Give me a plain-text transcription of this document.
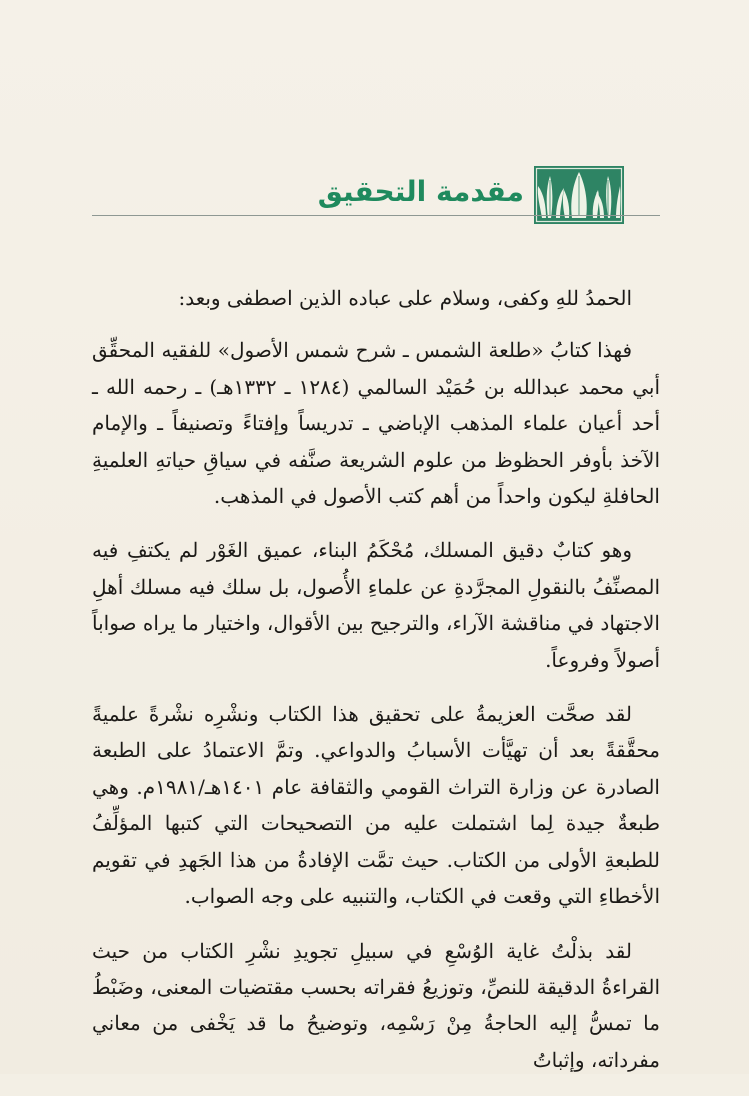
مقدمة التحقيق

الحمدُ للهِ وكفى، وسلام على عباده الذين اصطفى وبعد:

فهذا كتابُ «طلعة الشمس ـ شرح شمس الأصول» للفقيه المحقِّق أبي محمد عبدالله بن حُمَيْد السالمي (١٢٨٤ ـ ١٣٣٢هـ) ـ رحمه الله ـ أحد أعيان علماء المذهب الإباضي ـ تدريساً وإفتاءً وتصنيفاً ـ والإمام الآخذ بأوفر الحظوظ من علوم الشريعة صنَّفه في سياقِ حياتهِ العلميةِ الحافلةِ ليكون واحداً من أهم كتب الأصول في المذهب.

وهو كتابٌ دقيق المسلك، مُحْكَمُ البناء، عميق الغَوْر لم يكتفِ فيه المصنِّفُ بالنقولِ المجرَّدةِ عن علماءِ الأُصول، بل سلك فيه مسلك أهلِ الاجتهاد في مناقشة الآراء، والترجيح بين الأقوال، واختيار ما يراه صواباً أصولاً وفروعاً.

لقد صحَّت العزيمةُ على تحقيق هذا الكتاب ونشْرِه نشْرةً علميةً محقَّقةً بعد أن تهيَّأت الأسبابُ والدواعي. وتمَّ الاعتمادُ على الطبعة الصادرة عن وزارة التراث القومي والثقافة عام ١٤٠١هـ/١٩٨١م. وهي طبعةٌ جيدة لِما اشتملت عليه من التصحيحات التي كتبها المؤلِّفُ للطبعةِ الأولى من الكتاب. حيث تمَّت الإفادةُ من هذا الجَهدِ في تقويم الأخطاءِ التي وقعت في الكتاب، والتنبيه على وجه الصواب.

لقد بذلْتُ غاية الوُسْعِ في سبيلِ تجويدِ نشْرِ الكتاب من حيث القراءةُ الدقيقة للنصِّ، وتوزيعُ فقراته بحسب مقتضيات المعنى، وضَبْطُ ما تمسُّ إليه الحاجةُ مِنْ رَسْمِه، وتوضيحُ ما قد يَخْفى من معاني مفرداته، وإثباتُ
